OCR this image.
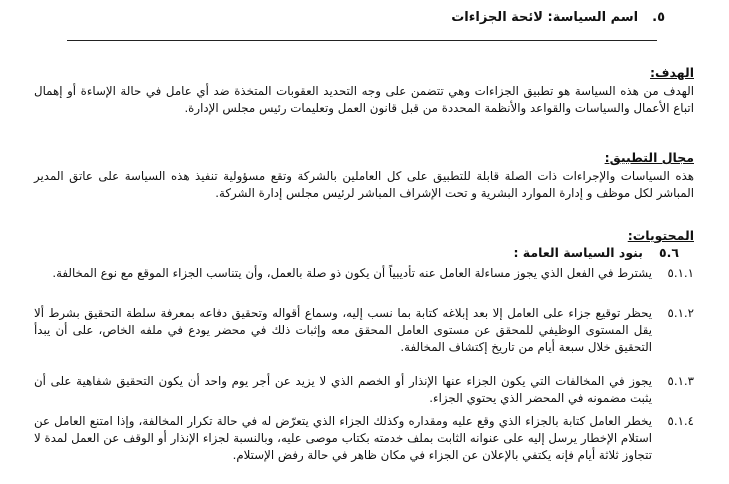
٥.
اسم السياسة: لائحة الجزاءات
الهدف:
الهدف من هذه السياسة هو تطبيق الجزاءات وهي تتضمن على وجه التحديد العقوبات المتخذة ضد أي عامل في حالة الإساءة أو إهمال اتباع الأعمال والسياسات والقواعد والأنظمة المحددة من قبل قانون العمل وتعليمات رئيس مجلس الإدارة.
مجال التطبيق:
هذه السياسات والإجراءات ذات الصلة قابلة للتطبيق على كل العاملين بالشركة وتقع مسؤولية تنفيذ هذه السياسة على عاتق المدير المباشر لكل موظف و إدارة الموارد البشرية و تحت الإشراف المباشر لرئيس مجلس إدارة الشركة.
المحتويات:
٥.٦
بنود السياسة العامة :
٥.١.١
يشترط في الفعل الذي يجوز مساءلة العامل عنه تأديبياً أن يكون ذو صلة بالعمل، وأن يتناسب الجزاء الموقع مع نوع المخالفة.
٥.١.٢
يحظر توقيع جزاء على العامل إلا بعد إبلاغه كتابة بما نسب إليه، وسماع أقواله وتحقيق دفاعه بمعرفة سلطة التحقيق بشرط ألا يقل المستوى الوظيفي للمحقق عن مستوى العامل المحقق معه وإثبات ذلك في محضر يودع في ملفه الخاص، على أن يبدأ التحقيق خلال سبعة أيام من تاريخ إكتشاف المخالفة.
٥.١.٣
يجوز في المخالفات التي يكون الجزاء عنها الإنذار أو الخصم الذي لا يزيد عن أجر يوم واحد أن يكون التحقيق شفاهية على أن يثبت مضمونه في المحضر الذي يحتوي الجزاء.
٥.١.٤
يخطر العامل كتابة بالجزاء الذي وقع عليه ومقداره وكذلك الجزاء الذي يتعرّض له في حالة تكرار المخالفة، وإذا امتنع العامل عن استلام الإخطار يرسل إليه على عنوانه الثابت بملف خدمته بكتاب موصى عليه، وبالنسبة لجزاء الإنذار أو الوقف عن العمل لمدة لا تتجاوز ثلاثة أيام فإنه يكتفي بالإعلان عن الجزاء في مكان ظاهر في حالة رفض الإستلام.
